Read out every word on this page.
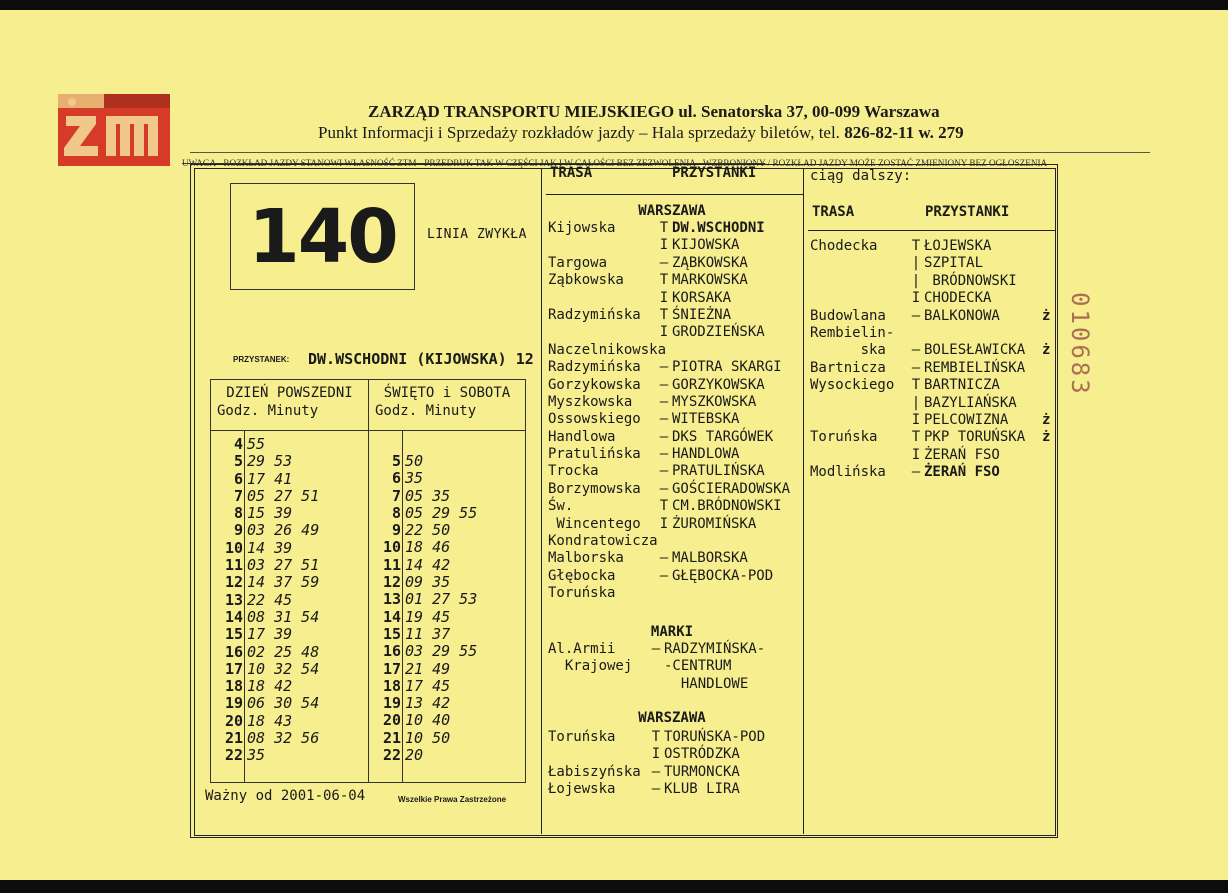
ZARZĄD TRANSPORTU MIEJSKIEGO ul. Senatorska 37, 00-099 Warszawa
Punkt Informacji i Sprzedaży rozkładów jazdy – Hala sprzedaży biletów, tel. 826-82-11 w. 279
UWAGA - ROZKŁAD JAZDY STANOWI WŁASNOŚĆ ZTM - PRZEDRUK TAK W CZĘŚCI JAK I W CAŁOŚCI BEZ ZEZWOLENIA - WZBRONIONY / ROZKŁAD JAZDY MOŻE ZOSTAĆ ZMIENIONY BEZ OGŁOSZENIA
140 LINIA ZWYKŁA
PRZYSTANEK: DW.WSCHODNI (KIJOWSKA) 12
DZIEŃ POWSZEDNI
Godz. Minuty
ŚWIĘTO i SOBOTA
Godz. Minuty
4 55
5 29 53
6 17 41
7 05 27 51
8 15 39
9 03 26 49
10 14 39
11 03 27 51
12 14 37 59
13 22 45
14 08 31 54
15 17 39
16 02 25 48
17 10 32 54
18 18 42
19 06 30 54
20 18 43
21 08 32 56
22 35
5 50
6 35
7 05 35
8 05 29 55
9 22 50
10 18 46
11 14 42
12 09 35
13 01 27 53
14 19 45
15 11 37
16 03 29 55
17 21 49
18 17 45
19 13 42
20 10 40
21 10 50
22 20
Ważny od 2001-06-04	Wszelkie Prawa Zastrzeżone
TRASA	PRZYSTANKI
WARSZAWA
Kijowska	T DW.WSCHODNI
I KIJOWSKA
Targowa	– ZĄBKOWSKA
Ząbkowska	T MARKOWSKA
I KORSAKA
Radzymińska	T ŚNIEŻNA
I GRODZIEŃSKA
Naczelnikowska
Radzymińska	– PIOTRA SKARGI
Gorzykowska	– GORZYKOWSKA
Myszkowska	– MYSZKOWSKA
Ossowskiego	– WITEBSKA
Handlowa	– DKS TARGÓWEK
Pratulińska	– HANDLOWA
Trocka	– PRATULIŃSKA
Borzymowska	– GOŚCIERADOWSKA
Św.	T CM.BRÓDNOWSKI
Wincentego	I ŻUROMIŃSKA
Kondratowicza
Malborska	– MALBORSKA
Głębocka	– GŁĘBOCKA-POD
Toruńska
MARKI
Al.Armii	– RADZYMIŃSKA-
Krajowej	-CENTRUM
HANDLOWE
WARSZAWA
Toruńska	T TORUŃSKA-POD
I OSTRÓDZKA
Łabiszyńska – TURMONCKA
Łojewska	– KLUB LIRA
ciąg dalszy:
TRASA	PRZYSTANKI
Chodecka	T ŁOJEWSKA
| SZPITAL
| BRÓDNOWSKI
I CHODECKA
Budowlana	– BALKONOWA	ż
Rembielin-
ska	– BOLESŁAWICKA	ż
Bartnicza	– REMBIELIŃSKA
Wysockiego	T BARTNICZA
| BAZYLIAŃSKA
I PELCOWIZNA	ż
Toruńska	T PKP TORUŃSKA	ż
I ŻERAŃ FSO
Modlińska	– ŻERAŃ FSO
010683
